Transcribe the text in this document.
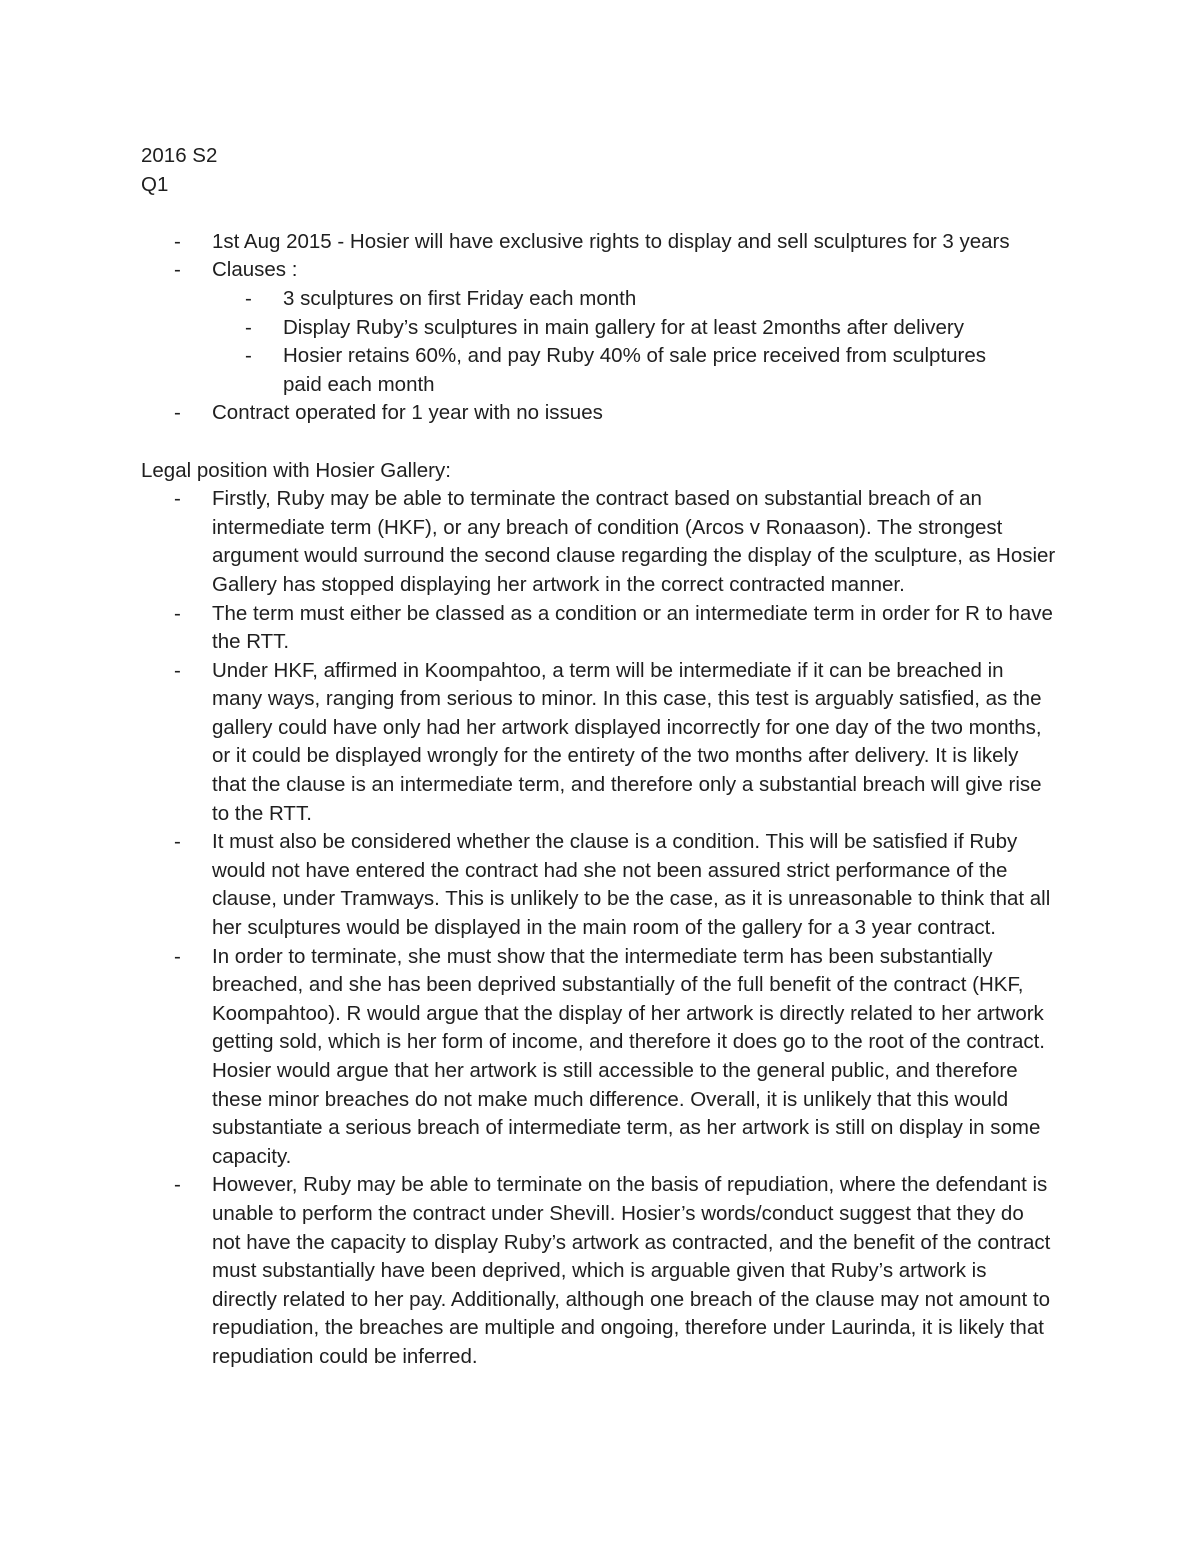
2016 S2

Q1

-	1st Aug 2015 - Hosier will have exclusive rights to display and sell sculptures for 3 years
-	Clauses :
-	3 sculptures on first Friday each month
-	Display Ruby’s sculptures in main gallery for at least 2months after delivery
-	Hosier retains 60%, and pay Ruby 40% of sale price received from sculptures paid each month
-	Contract operated for 1 year with no issues

Legal position with Hosier Gallery:

-	Firstly, Ruby may be able to terminate the contract based on substantial breach of an intermediate term (HKF), or any breach of condition (Arcos v Ronaason). The strongest argument would surround the second clause regarding the display of the sculpture, as Hosier Gallery has stopped displaying her artwork in the correct contracted manner.
-	The term must either be classed as a condition or an intermediate term in order for R to have the RTT.
-	Under HKF, affirmed in Koompahtoo, a term will be intermediate if it can be breached in many ways, ranging from serious to minor. In this case, this test is arguably satisfied, as the gallery could have only had her artwork displayed incorrectly for one day of the two months, or it could be displayed wrongly for the entirety of the two months after delivery. It is likely that the clause is an intermediate term, and therefore only a substantial breach will give rise to the RTT.
-	It must also be considered whether the clause is a condition. This will be satisfied if Ruby would not have entered the contract had she not been assured strict performance of the clause, under Tramways. This is unlikely to be the case, as it is unreasonable to think that all her sculptures would be displayed in the main room of the gallery for a 3 year contract.
-	In order to terminate, she must show that the intermediate term has been substantially breached, and she has been deprived substantially of the full benefit of the contract (HKF, Koompahtoo). R would argue that the display of her artwork is directly related to her artwork getting sold, which is her form of income, and therefore it does go to the root of the contract. Hosier would argue that her artwork is still accessible to the general public, and therefore these minor breaches do not make much difference. Overall, it is unlikely that this would substantiate a serious breach of intermediate term, as her artwork is still on display in some capacity.
-	However, Ruby may be able to terminate on the basis of repudiation, where the defendant is unable to perform the contract under Shevill. Hosier’s words/conduct suggest that they do not have the capacity to display Ruby’s artwork as contracted, and the benefit of the contract must substantially have been deprived, which is arguable given that Ruby’s artwork is directly related to her pay. Additionally, although one breach of the clause may not amount to repudiation, the breaches are multiple and ongoing, therefore under Laurinda, it is likely that repudiation could be inferred.
